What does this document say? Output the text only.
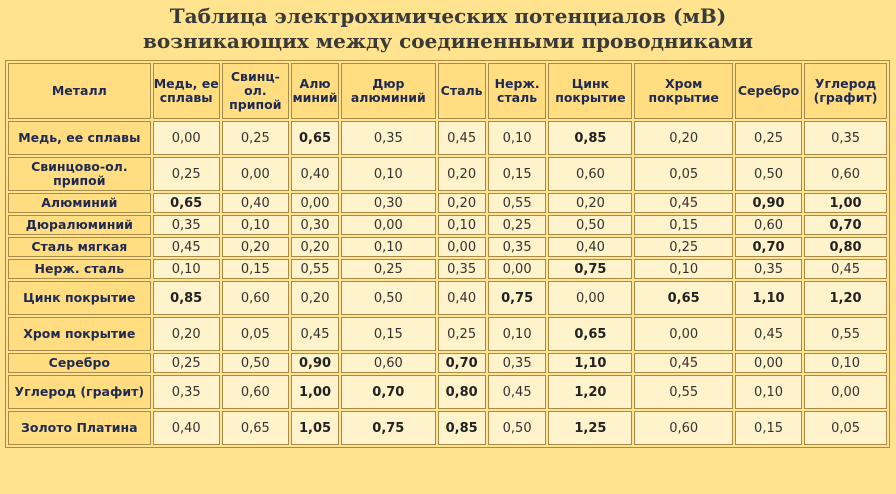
Таблица электрохимических потенциалов (мВ)
возникающих между соединенными проводниками
Металл	Медь, ее сплавы	Свинц-ол. припой	Алю миний	Дюр алюминий	Сталь	Нерж. сталь	Цинк покрытие	Хром покрытие	Серебро	Углерод (графит)
Медь, ее сплавы	0,00	0,25	0,65	0,35	0,45	0,10	0,85	0,20	0,25	0,35
Свинцово-ол. припой	0,25	0,00	0,40	0,10	0,20	0,15	0,60	0,05	0,50	0,60
Алюминий	0,65	0,40	0,00	0,30	0,20	0,55	0,20	0,45	0,90	1,00
Дюралюминий	0,35	0,10	0,30	0,00	0,10	0,25	0,50	0,15	0,60	0,70
Сталь мягкая	0,45	0,20	0,20	0,10	0,00	0,35	0,40	0,25	0,70	0,80
Нерж. сталь	0,10	0,15	0,55	0,25	0,35	0,00	0,75	0,10	0,35	0,45
Цинк покрытие	0,85	0,60	0,20	0,50	0,40	0,75	0,00	0,65	1,10	1,20
Хром покрытие	0,20	0,05	0,45	0,15	0,25	0,10	0,65	0,00	0,45	0,55
Серебро	0,25	0,50	0,90	0,60	0,70	0,35	1,10	0,45	0,00	0,10
Углерод (графит)	0,35	0,60	1,00	0,70	0,80	0,45	1,20	0,55	0,10	0,00
Золото Платина	0,40	0,65	1,05	0,75	0,85	0,50	1,25	0,60	0,15	0,05
